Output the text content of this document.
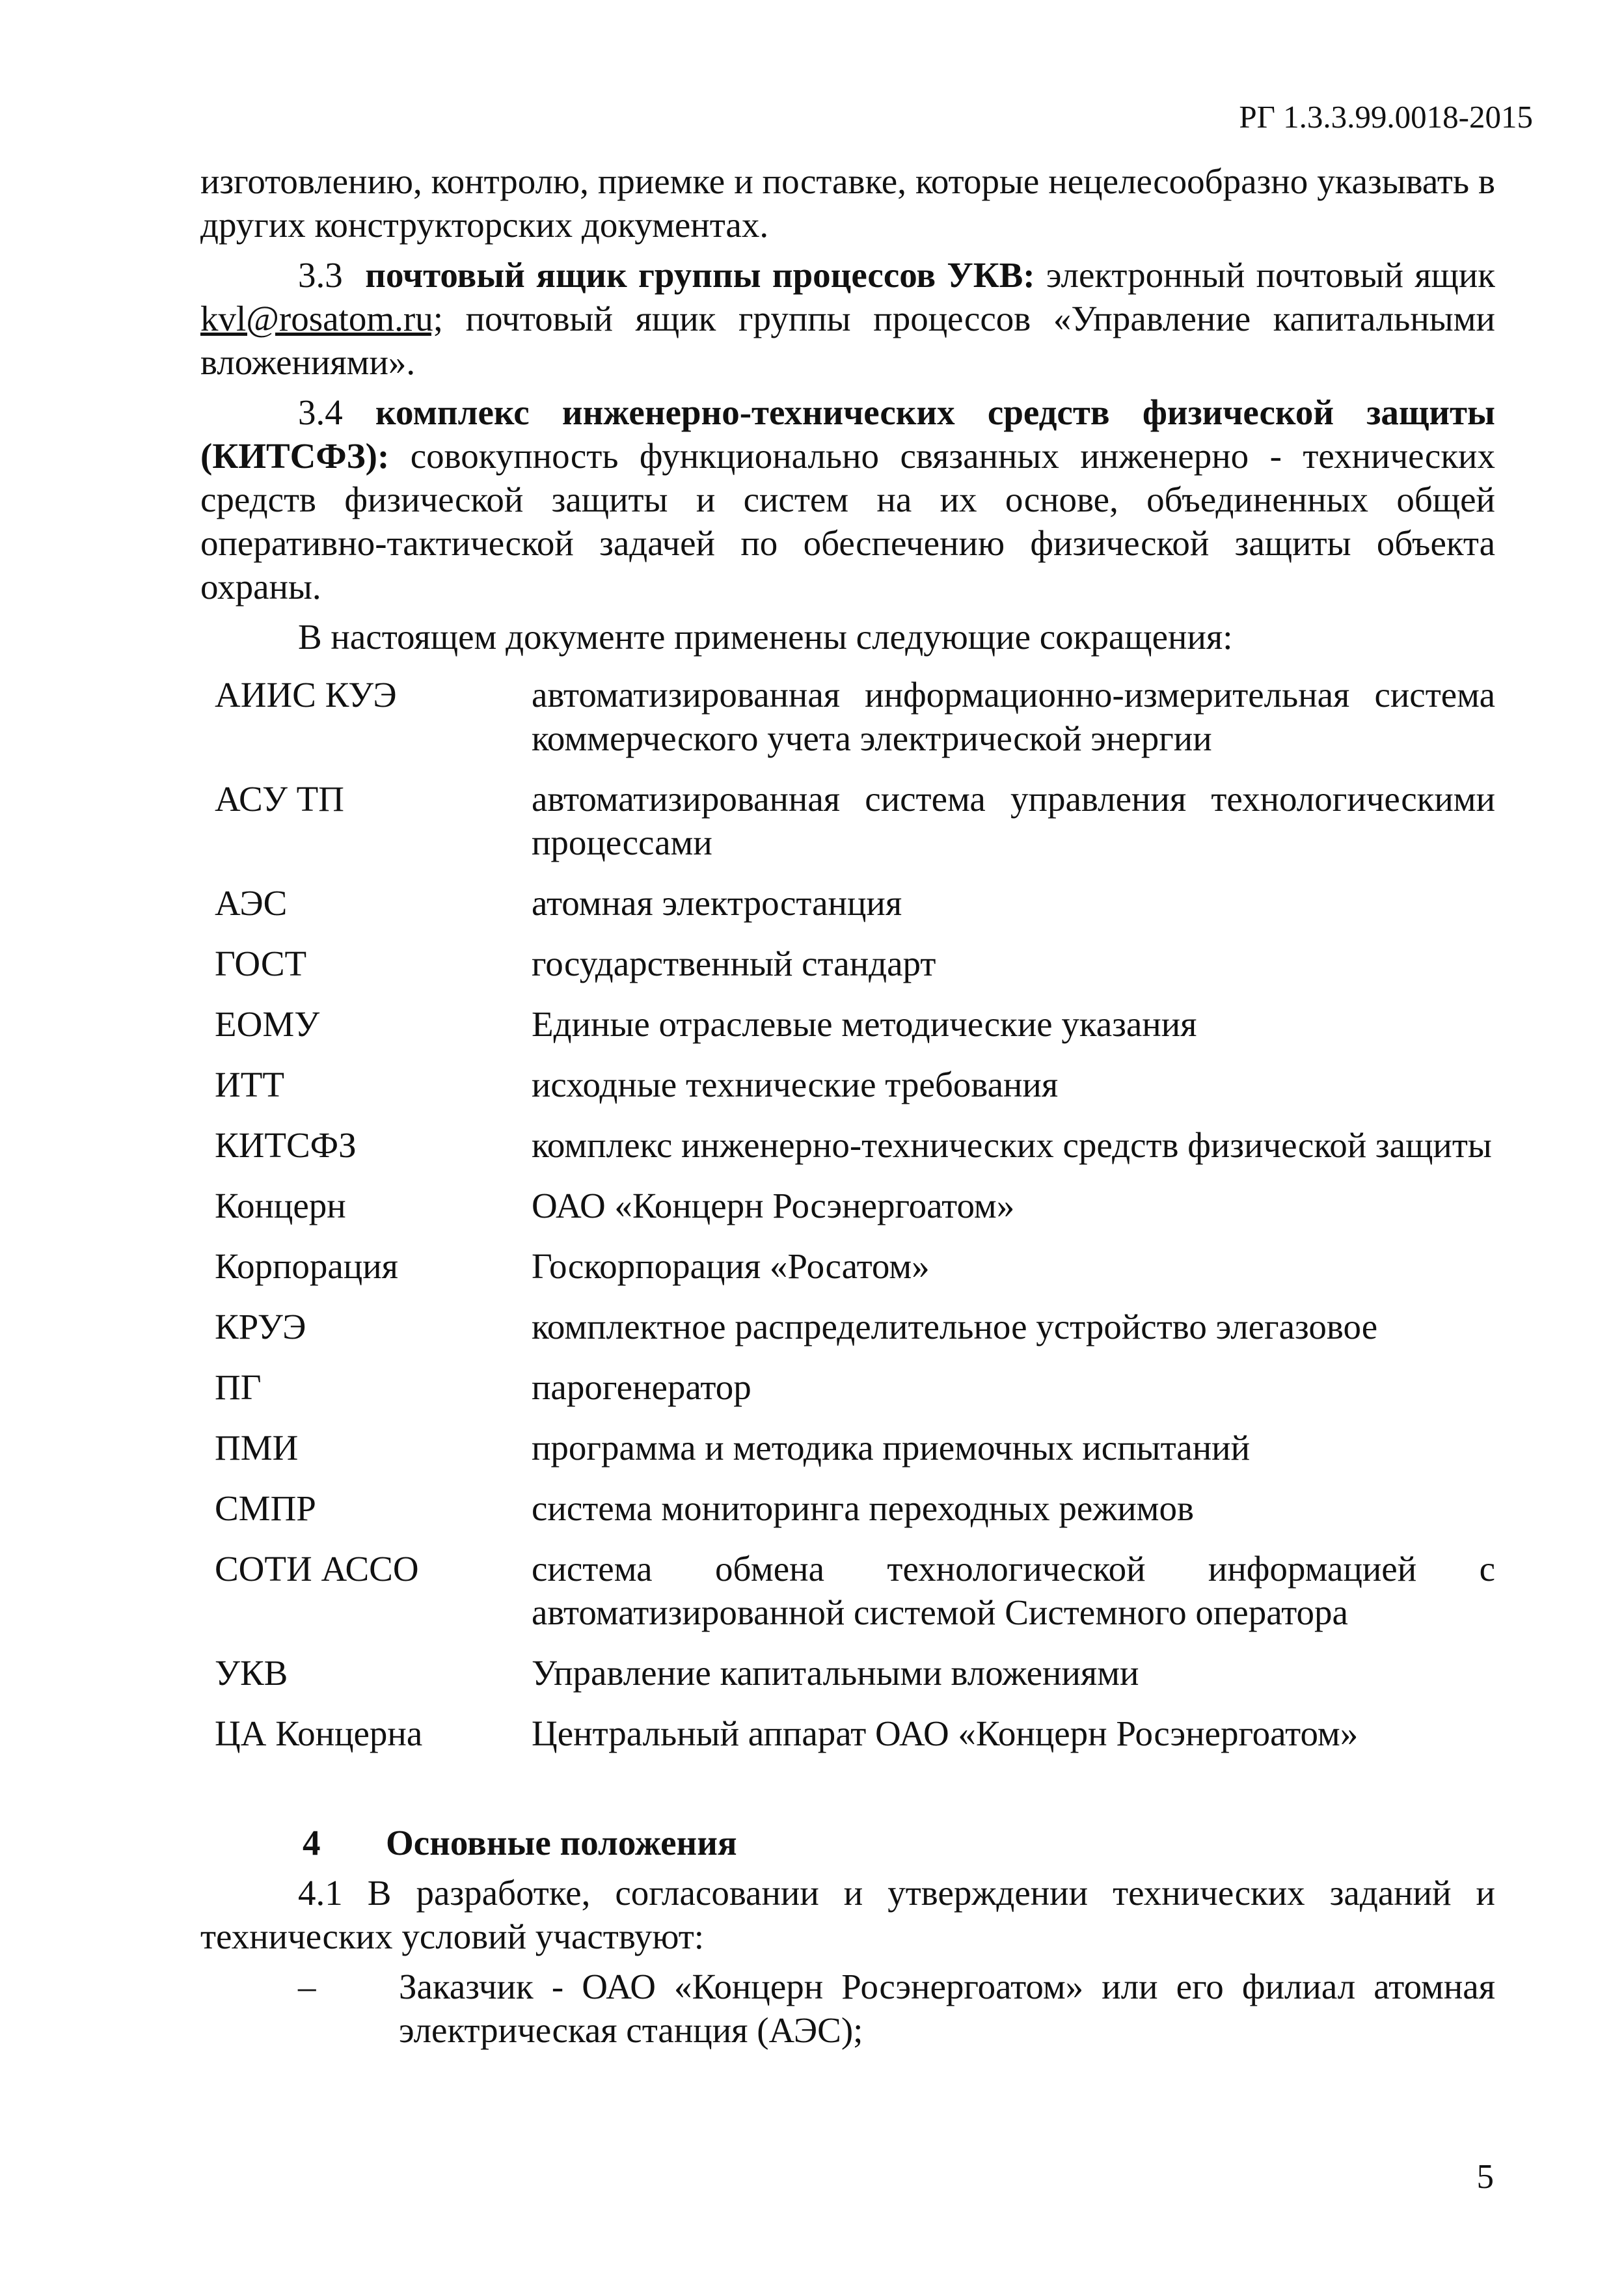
РГ 1.3.3.99.0018-2015

изготовлению, контролю, приемке и поставке, которые нецелесообразно указывать в других конструкторских документах.

3.3 почтовый ящик группы процессов УКВ: электронный почтовый ящик kvl@rosatom.ru; почтовый ящик группы процессов «Управление капитальными вложениями».

3.4 комплекс инженерно-технических средств физической защиты (КИТСФЗ): совокупность функционально связанных инженерно - технических средств физической защиты и систем на их основе, объединенных общей оперативно-тактической задачей по обеспечению физической защиты объекта охраны.

В настоящем документе применены следующие сокращения:

АИИС КУЭ	автоматизированная информационно-измерительная система коммерческого учета электрической энергии
АСУ ТП	автоматизированная система управления технологическими процессами
АЭС	атомная электростанция
ГОСТ	государственный стандарт
ЕОМУ	Единые отраслевые методические указания
ИТТ	исходные технические требования
КИТСФЗ	комплекс инженерно-технических средств физической защиты
Концерн	ОАО «Концерн Росэнергоатом»
Корпорация	Госкорпорация «Росатом»
КРУЭ	комплектное распределительное устройство элегазовое
ПГ	парогенератор
ПМИ	программа и методика приемочных испытаний
СМПР	система мониторинга переходных режимов
СОТИ АССО	система обмена технологической информацией с автоматизированной системой Системного оператора
УКВ	Управление капитальными вложениями
ЦА Концерна	Центральный аппарат ОАО «Концерн Росэнергоатом»
4	Основные положения

4.1 В разработке, согласовании и утверждении технических заданий и технических условий участвуют:

–	Заказчик - ОАО «Концерн Росэнергоатом» или его филиал атомная электрическая станция (АЭС);
5
